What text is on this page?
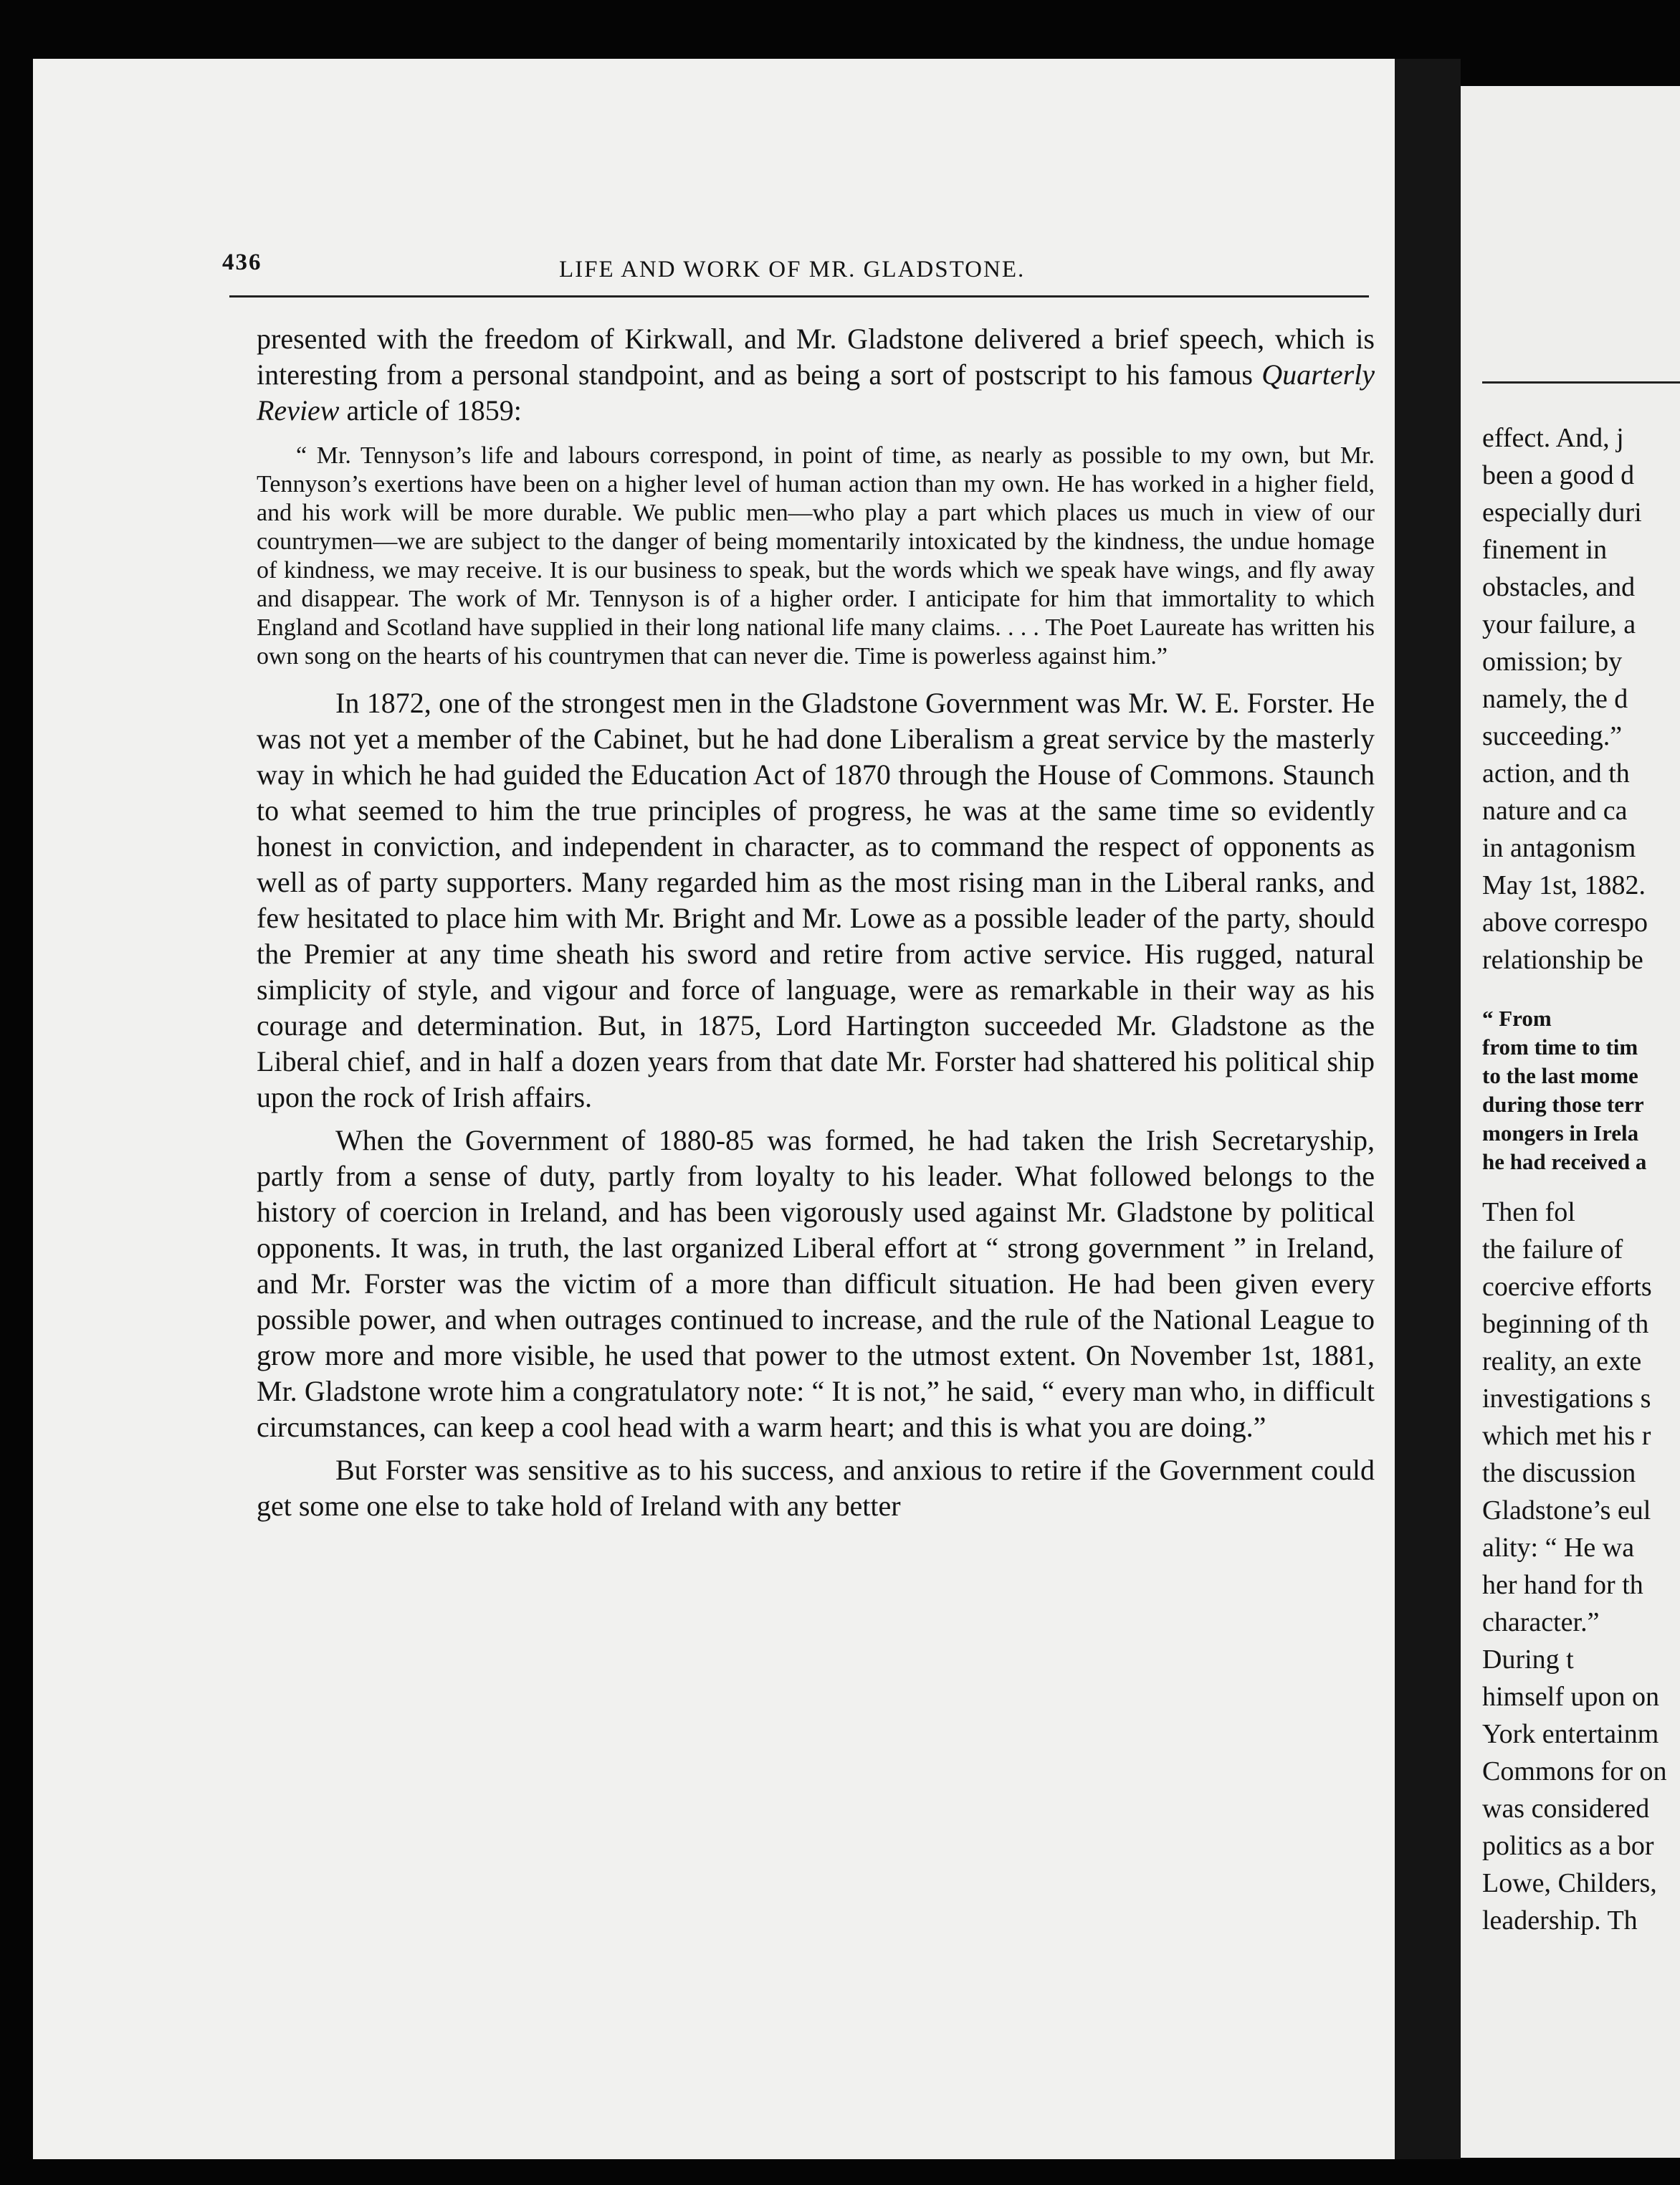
436	LIFE AND WORK OF MR. GLADSTONE.

presented with the freedom of Kirkwall, and Mr. Gladstone delivered a brief speech, which is interesting from a personal standpoint, and as being a sort of postscript to his famous Quarterly Review article of 1859:

“ Mr. Tennyson’s life and labours correspond, in point of time, as nearly as possible to my own, but Mr. Tennyson’s exertions have been on a higher level of human action than my own. He has worked in a higher field, and his work will be more durable. We public men—who play a part which places us much in view of our countrymen—we are subject to the danger of being momentarily intoxicated by the kindness, the undue homage of kindness, we may receive. It is our business to speak, but the words which we speak have wings, and fly away and disappear. The work of Mr. Tennyson is of a higher order. I anticipate for him that immortality to which England and Scotland have supplied in their long national life many claims. . . . The Poet Laureate has written his own song on the hearts of his countrymen that can never die. Time is powerless against him.”

In 1872, one of the strongest men in the Gladstone Government was Mr. W. E. Forster. He was not yet a member of the Cabinet, but he had done Liberalism a great service by the masterly way in which he had guided the Education Act of 1870 through the House of Commons. Staunch to what seemed to him the true principles of progress, he was at the same time so evidently honest in conviction, and independent in character, as to command the respect of opponents as well as of party supporters. Many regarded him as the most rising man in the Liberal ranks, and few hesitated to place him with Mr. Bright and Mr. Lowe as a possible leader of the party, should the Premier at any time sheath his sword and retire from active service. His rugged, natural simplicity of style, and vigour and force of language, were as remarkable in their way as his courage and determination. But, in 1875, Lord Hartington succeeded Mr. Gladstone as the Liberal chief, and in half a dozen years from that date Mr. Forster had shattered his political ship upon the rock of Irish affairs.

When the Government of 1880-85 was formed, he had taken the Irish Secretaryship, partly from a sense of duty, partly from loyalty to his leader. What followed belongs to the history of coercion in Ireland, and has been vigorously used against Mr. Gladstone by political opponents. It was, in truth, the last organized Liberal effort at “ strong government ” in Ireland, and Mr. Forster was the victim of a more than difficult situation. He had been given every possible power, and when outrages continued to increase, and the rule of the National League to grow more and more visible, he used that power to the utmost extent. On November 1st, 1881, Mr. Gladstone wrote him a congratulatory note: “ It is not,” he said, “ every man who, in difficult circumstances, can keep a cool head with a warm heart; and this is what you are doing.”

But Forster was sensitive as to his success, and anxious to retire if the Government could get some one else to take hold of Ireland with any better

effect. And, j
been a good d
especially duri
finement in
obstacles, and
your failure, a
omission; by
namely, the d
succeeding.”
action, and th
nature and ca
in antagonism
May 1st, 1882.
above correspo
relationship be
“ From
from time to tim
to the last mome
during those terr
mongers in Irela
he had received a
Then fol
the failure of
coercive efforts
beginning of th
reality, an exte
investigations s
which met his r
the discussion
Gladstone’s eul
ality: “ He wa
her hand for th
character.”
During t
himself upon on
York entertainm
Commons for on
was considered
politics as a bor
Lowe, Childers,
leadership. Th
